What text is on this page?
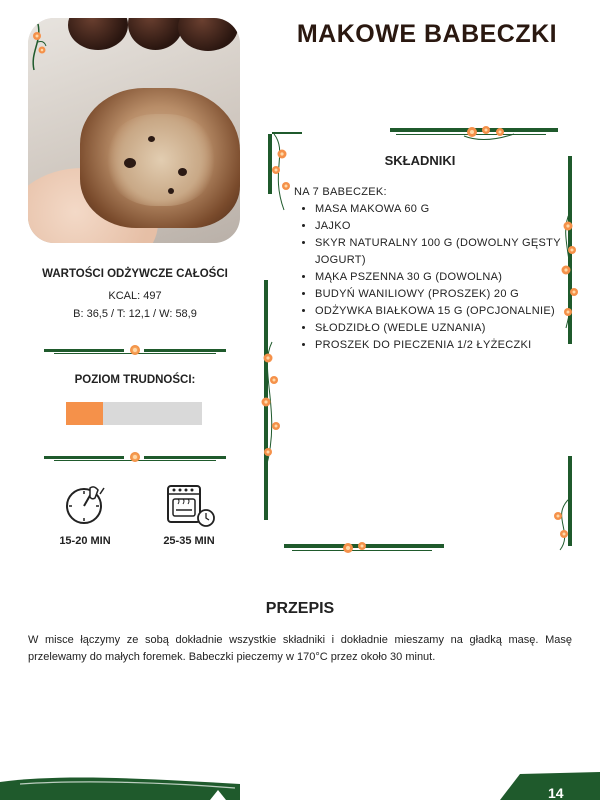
MAKOWE BABECZKI
WARTOŚCI ODŻYWCZE CAŁOŚCI
KCAL: 497
B: 36,5 / T: 12,1 / W: 58,9
POZIOM TRUDNOŚCI:
15-20 MIN	25-35 MIN
SKŁADNIKI
NA 7 BABECZEK:
• MASA MAKOWA 60 G
• JAJKO
• SKYR NATURALNY 100 G (DOWOLNY GĘSTY JOGURT)
• MĄKA PSZENNA 30 G (DOWOLNA)
• BUDYŃ WANILIOWY (PROSZEK) 20 G
• ODŻYWKA BIAŁKOWA 15 G (OPCJONALNIE)
• SŁODZIDŁO (WEDLE UZNANIA)
• PROSZEK DO PIECZENIA 1/2 ŁYŻECZKI
PRZEPIS
W misce łączymy ze sobą dokładnie wszystkie składniki i dokładnie mieszamy na gładką masę. Masę przelewamy do małych foremek. Babeczki pieczemy w 170°C przez około 30 minut.
14
